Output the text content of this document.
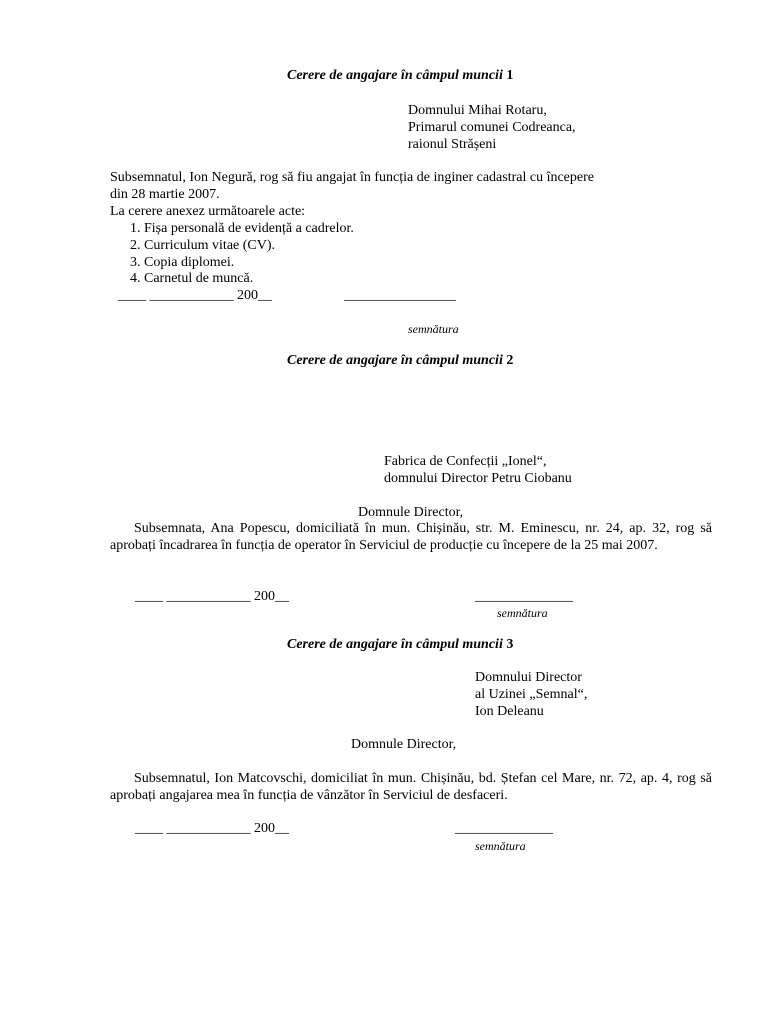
Cerere de angajare în câmpul muncii 1
Domnului Mihai Rotaru,
Primarul comunei Codreanca,
raionul Strășeni
Subsemnatul, Ion Negură, rog să fiu angajat în funcția de inginer cadastral cu începere
din 28 martie 2007.
La cerere anexez următoarele acte:
1. Fișa personală de evidență a cadrelor.
2. Curriculum vitae (CV).
3. Copia diplomei.
4. Carnetul de muncă.
____ ____________ 200__	________________
semnătura
Cerere de angajare în câmpul muncii 2
Fabrica de Confecții „Ionel“,
domnului Director Petru Ciobanu
Domnule Director,
Subsemnata, Ana Popescu, domiciliată în mun. Chișinău, str. M. Eminescu, nr. 24, ap. 32, rog să aprobați încadrarea în funcția de operator în Serviciul de producție cu începere de la 25 mai 2007.
____ ____________ 200__	______________
semnătura
Cerere de angajare în câmpul muncii 3
Domnului Director
al Uzinei „Semnal“,
Ion Deleanu
Domnule Director,
Subsemnatul, Ion Matcovschi, domiciliat în mun. Chișinău, bd. Ștefan cel Mare, nr. 72, ap. 4, rog să aprobați angajarea mea în funcția de vânzător în Serviciul de desfaceri.
____ ____________ 200__	______________
semnătura
